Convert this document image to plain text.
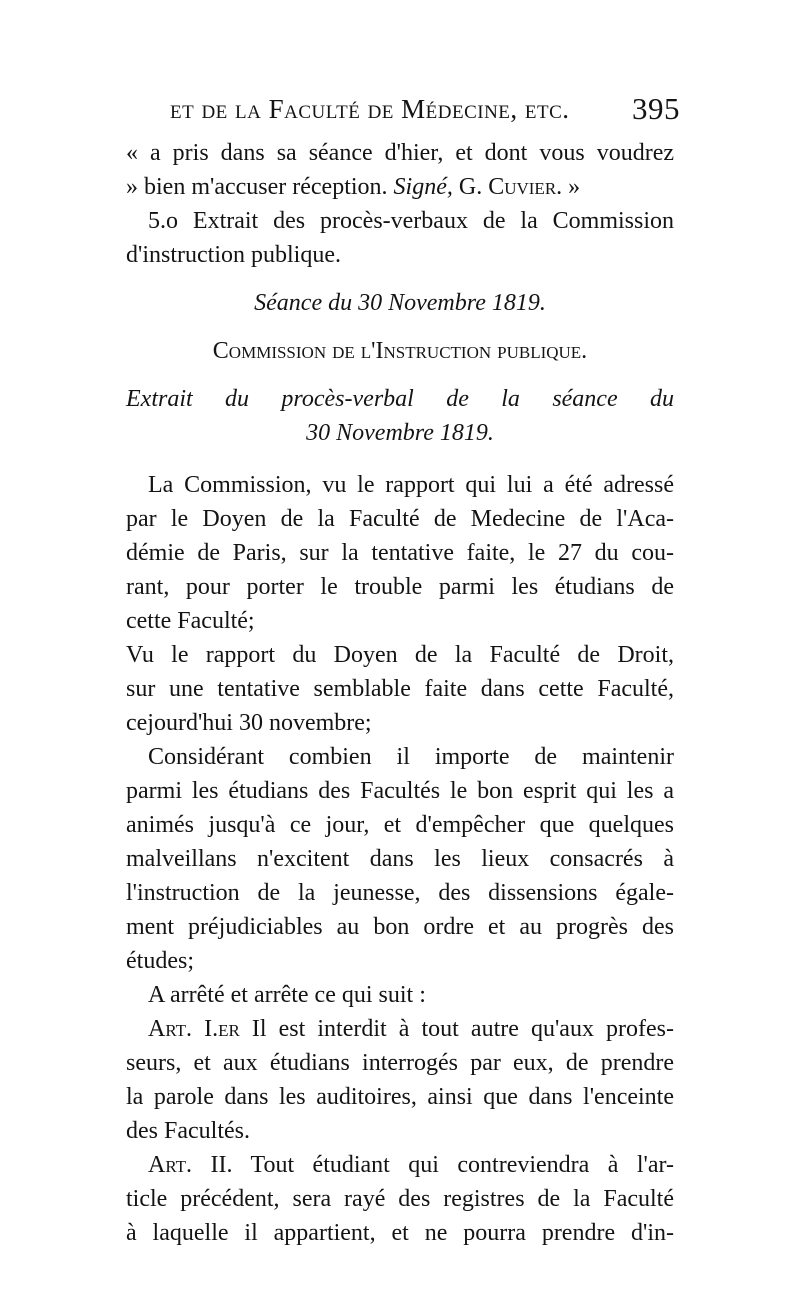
et de la Faculté de Médecine, etc. 395

« a pris dans sa séance d'hier, et dont vous voudrez

» bien m'accuser réception. Signé, G. Cuvier. »

5.o Extrait des procès-verbaux de la Commission

d'instruction publique.

Séance du 30 Novembre 1819.

Commission de l'Instruction publique.

Extrait du procès-verbal de la séance du

30 Novembre 1819.

La Commission, vu le rapport qui lui a été adressé

par le Doyen de la Faculté de Medecine de l'Aca-

démie de Paris, sur la tentative faite, le 27 du cou-

rant, pour porter le trouble parmi les étudians de

cette Faculté;

Vu le rapport du Doyen de la Faculté de Droit,

sur une tentative semblable faite dans cette Faculté,

cejourd'hui 30 novembre;

Considérant combien il importe de maintenir

parmi les étudians des Facultés le bon esprit qui les a

animés jusqu'à ce jour, et d'empêcher que quelques

malveillans n'excitent dans les lieux consacrés à

l'instruction de la jeunesse, des dissensions égale-

ment préjudiciables au bon ordre et au progrès des

études;

A arrêté et arrête ce qui suit :

Art. I.er Il est interdit à tout autre qu'aux profes-

seurs, et aux étudians interrogés par eux, de prendre

la parole dans les auditoires, ainsi que dans l'enceinte

des Facultés.

Art. II. Tout étudiant qui contreviendra à l'ar-

ticle précédent, sera rayé des registres de la Faculté

à laquelle il appartient, et ne pourra prendre d'in-
